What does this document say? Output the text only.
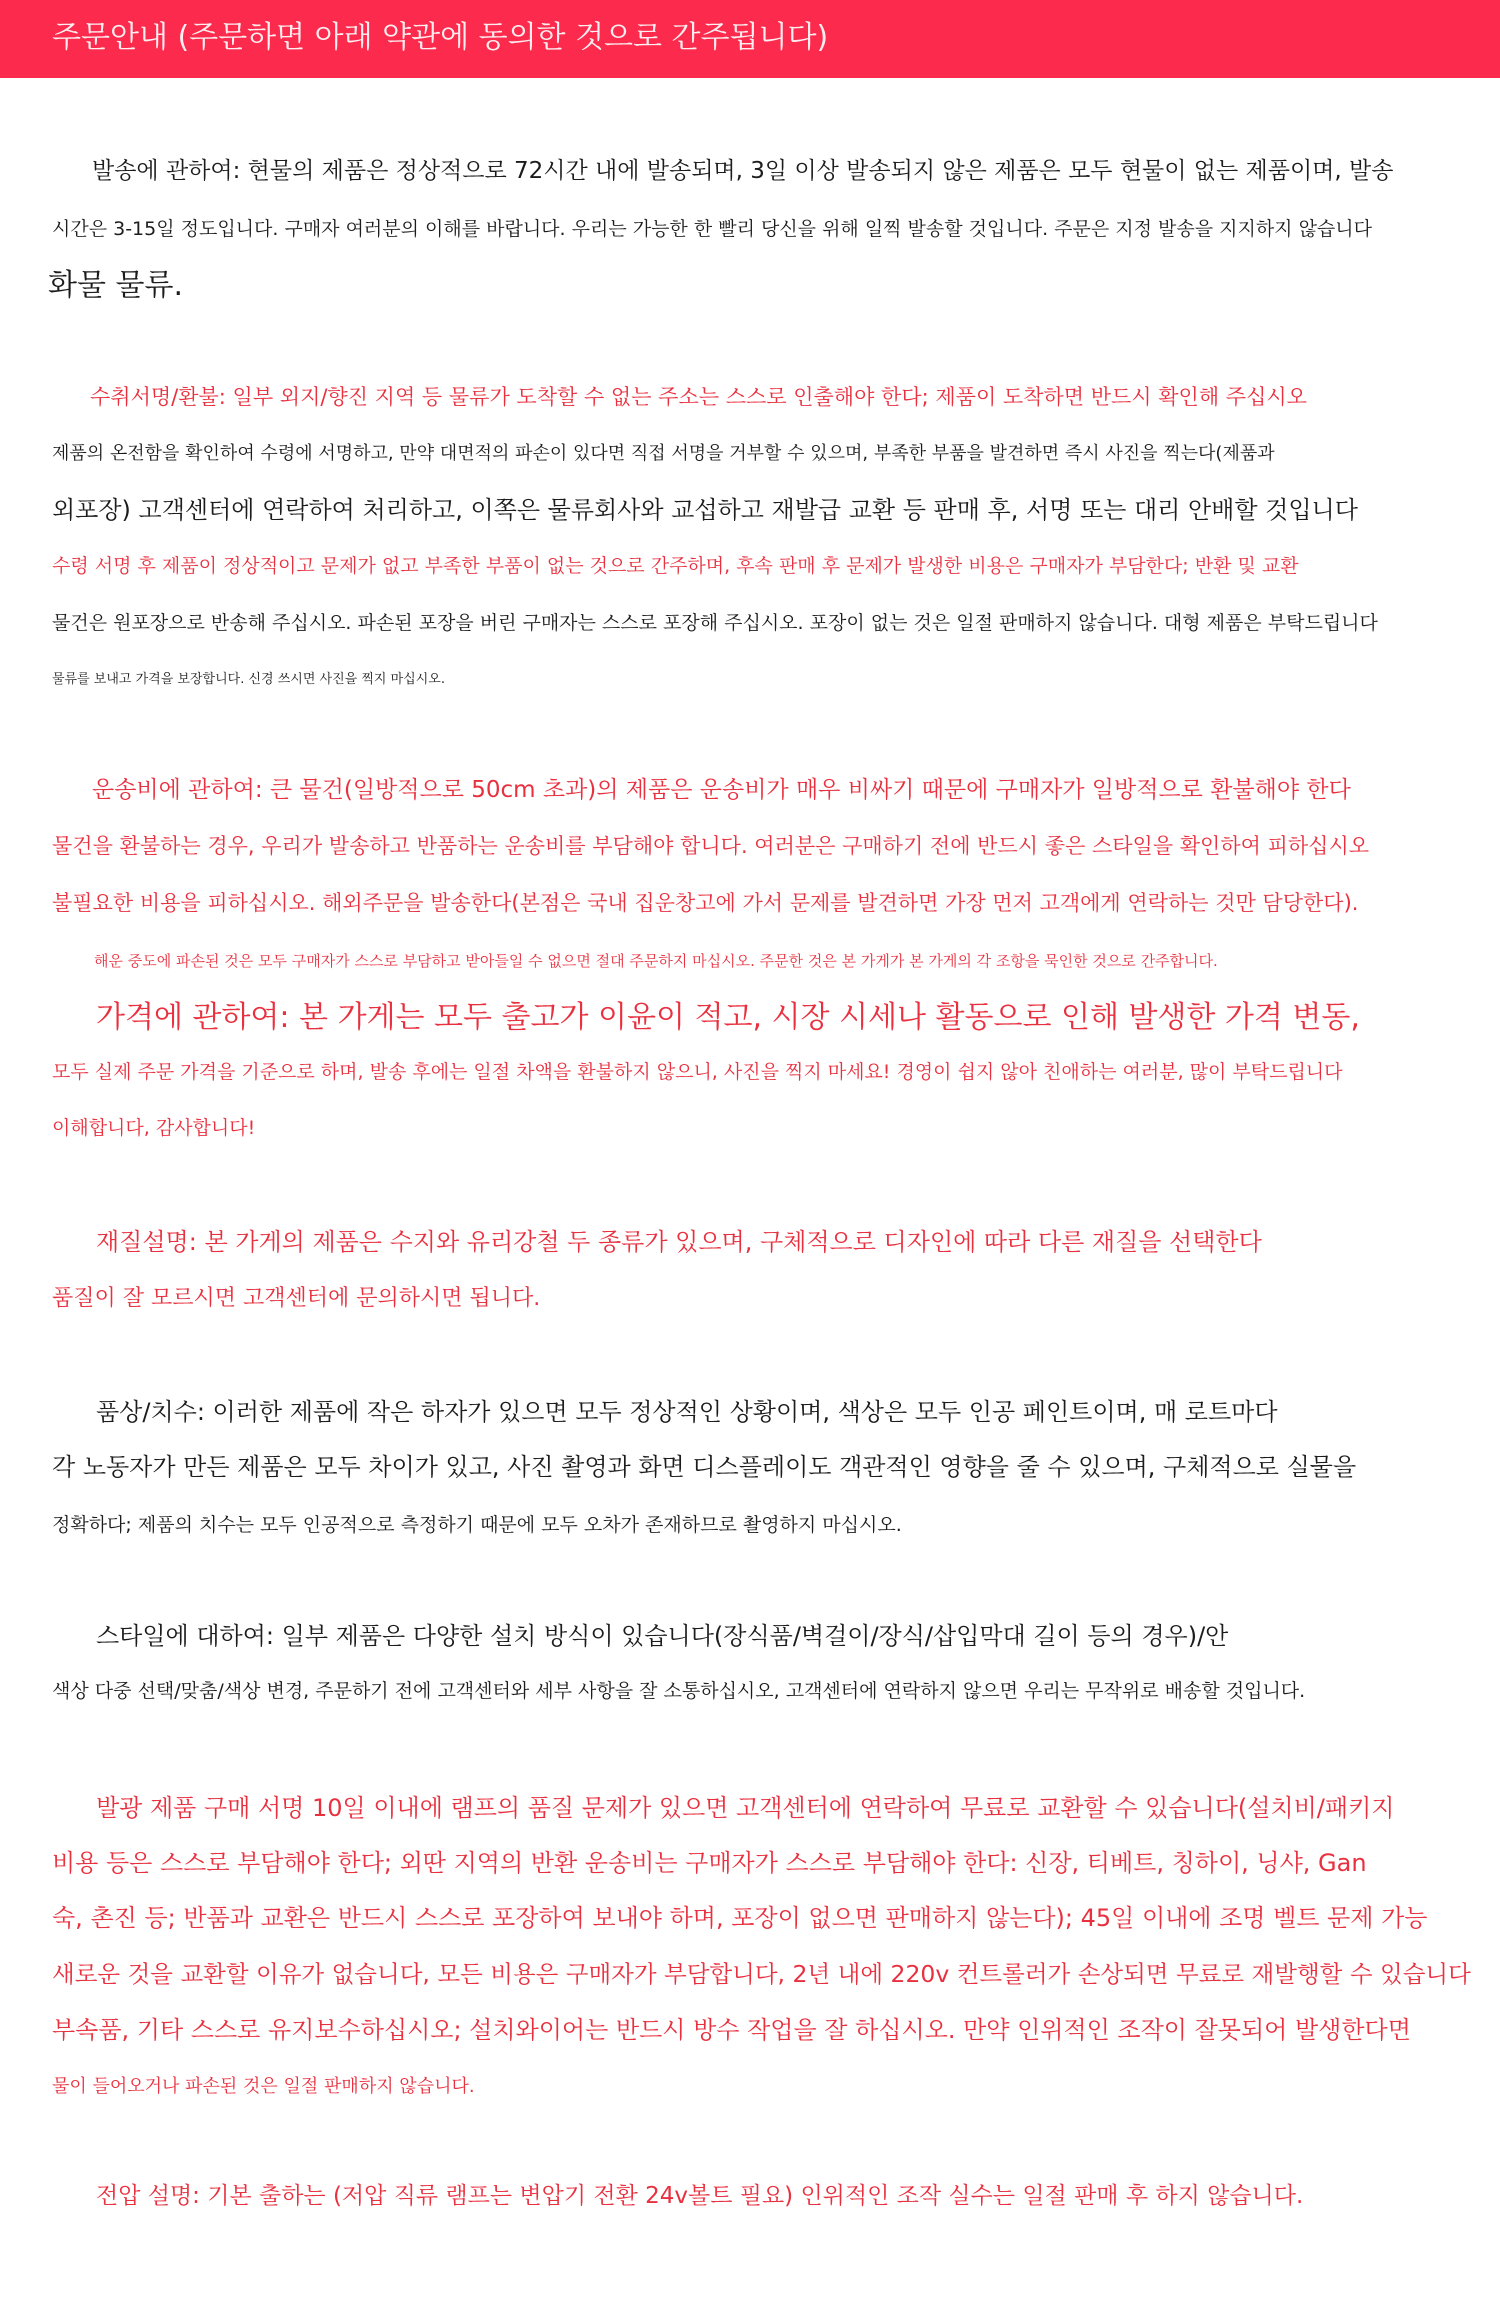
주문안내 (주문하면 아래 약관에 동의한 것으로 간주됩니다)
발송에 관하여: 현물의 제품은 정상적으로 72시간 내에 발송되며, 3일 이상 발송되지 않은 제품은 모두 현물이 없는 제품이며, 발송
시간은 3-15일 정도입니다. 구매자 여러분의 이해를 바랍니다. 우리는 가능한 한 빨리 당신을 위해 일찍 발송할 것입니다. 주문은 지정 발송을 지지하지 않습니다
화물 물류.
수취서명/환불: 일부 외지/향진 지역 등 물류가 도착할 수 없는 주소는 스스로 인출해야 한다; 제품이 도착하면 반드시 확인해 주십시오
제품의 온전함을 확인하여 수령에 서명하고, 만약 대면적의 파손이 있다면 직접 서명을 거부할 수 있으며, 부족한 부품을 발견하면 즉시 사진을 찍는다(제품과
외포장) 고객센터에 연락하여 처리하고, 이쪽은 물류회사와 교섭하고 재발급 교환 등 판매 후, 서명 또는 대리 안배할 것입니다
수령 서명 후 제품이 정상적이고 문제가 없고 부족한 부품이 없는 것으로 간주하며, 후속 판매 후 문제가 발생한 비용은 구매자가 부담한다; 반환 및 교환
물건은 원포장으로 반송해 주십시오. 파손된 포장을 버린 구매자는 스스로 포장해 주십시오. 포장이 없는 것은 일절 판매하지 않습니다. 대형 제품은 부탁드립니다
물류를 보내고 가격을 보장합니다. 신경 쓰시면 사진을 찍지 마십시오.
운송비에 관하여: 큰 물건(일방적으로 50cm 초과)의 제품은 운송비가 매우 비싸기 때문에 구매자가 일방적으로 환불해야 한다
물건을 환불하는 경우, 우리가 발송하고 반품하는 운송비를 부담해야 합니다. 여러분은 구매하기 전에 반드시 좋은 스타일을 확인하여 피하십시오
불필요한 비용을 피하십시오. 해외주문을 발송한다(본점은 국내 집운창고에 가서 문제를 발견하면 가장 먼저 고객에게 연락하는 것만 담당한다).
해운 중도에 파손된 것은 모두 구매자가 스스로 부담하고 받아들일 수 없으면 절대 주문하지 마십시오. 주문한 것은 본 가게가 본 가게의 각 조항을 묵인한 것으로 간주합니다.
가격에 관하여: 본 가게는 모두 출고가 이윤이 적고, 시장 시세나 활동으로 인해 발생한 가격 변동,
모두 실제 주문 가격을 기준으로 하며, 발송 후에는 일절 차액을 환불하지 않으니, 사진을 찍지 마세요! 경영이 쉽지 않아 친애하는 여러분, 많이 부탁드립니다
이해합니다, 감사합니다!
재질설명: 본 가게의 제품은 수지와 유리강철 두 종류가 있으며, 구체적으로 디자인에 따라 다른 재질을 선택한다
품질이 잘 모르시면 고객센터에 문의하시면 됩니다.
품상/치수: 이러한 제품에 작은 하자가 있으면 모두 정상적인 상황이며, 색상은 모두 인공 페인트이며, 매 로트마다
각 노동자가 만든 제품은 모두 차이가 있고, 사진 촬영과 화면 디스플레이도 객관적인 영향을 줄 수 있으며, 구체적으로 실물을
정확하다; 제품의 치수는 모두 인공적으로 측정하기 때문에 모두 오차가 존재하므로 촬영하지 마십시오.
스타일에 대하여: 일부 제품은 다양한 설치 방식이 있습니다(장식품/벽걸이/장식/삽입막대 길이 등의 경우)/안
색상 다중 선택/맞춤/색상 변경, 주문하기 전에 고객센터와 세부 사항을 잘 소통하십시오, 고객센터에 연락하지 않으면 우리는 무작위로 배송할 것입니다.
발광 제품 구매 서명 10일 이내에 램프의 품질 문제가 있으면 고객센터에 연락하여 무료로 교환할 수 있습니다(설치비/패키지
비용 등은 스스로 부담해야 한다; 외딴 지역의 반환 운송비는 구매자가 스스로 부담해야 한다: 신장, 티베트, 칭하이, 닝샤, Gan
숙, 촌진 등; 반품과 교환은 반드시 스스로 포장하여 보내야 하며, 포장이 없으면 판매하지 않는다); 45일 이내에 조명 벨트 문제 가능
새로운 것을 교환할 이유가 없습니다, 모든 비용은 구매자가 부담합니다, 2년 내에 220v 컨트롤러가 손상되면 무료로 재발행할 수 있습니다
부속품, 기타 스스로 유지보수하십시오; 설치와이어는 반드시 방수 작업을 잘 하십시오. 만약 인위적인 조작이 잘못되어 발생한다면
물이 들어오거나 파손된 것은 일절 판매하지 않습니다.
전압 설명: 기본 출하는 (저압 직류 램프는 변압기 전환 24v볼트 필요) 인위적인 조작 실수는 일절 판매 후 하지 않습니다.
